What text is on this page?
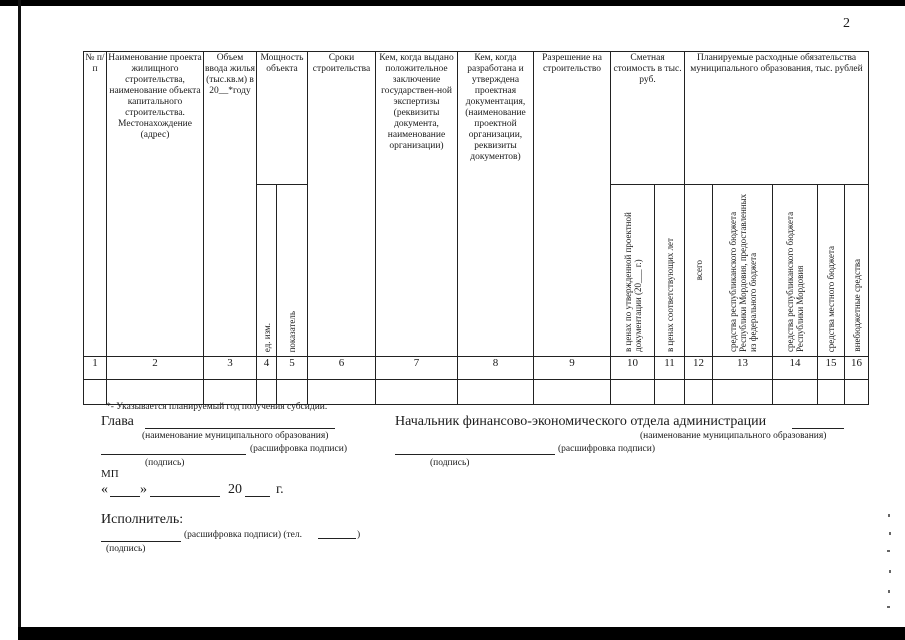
2
№ п/п	Наименование проекта жилищного строительства, наименование объекта капитального строительства. Местонахождение (адрес)	Объем ввода жилья (тыс.кв.м) в 20__*году	Мощность объекта		Сроки строительства	Кем, когда выдано положительное заключение государствен-ной экспертизы (реквизиты документа, наименование организации)	Кем, когда разработана и утверждена проектная документация, (наименование проектной организации, реквизиты документов)	Разрешение на строительство	Сметная стоимость в тыс. руб.		Планируемые расходные обязательства муниципального образования, тыс. рублей				
			ед. изм.	показатель					в ценах по утвержденной проектной документации (20___ г.)	в ценах соответствующих лет	всего	средства республиканского бюджета Республики Мордовия, предоставленных из федерального бюджета	средства республиканского бюджета Республики Мордовия	средства местного бюджета	внебюджетные средства
1	2	3	4	5	6	7	8	9	10	11	12	13	14	15	16

*- Указывается планируемый год получения субсидии.
Глава
(наименование муниципального образования)
(расшифровка подписи)
(подпись)
МП
« »	20 г.
Исполнитель:
(расшифровка подписи) (тел.	)
(подпись)
Начальник финансово-экономического отдела администрации
(наименование муниципального образования)
(расшифровка подписи)
(подпись)
